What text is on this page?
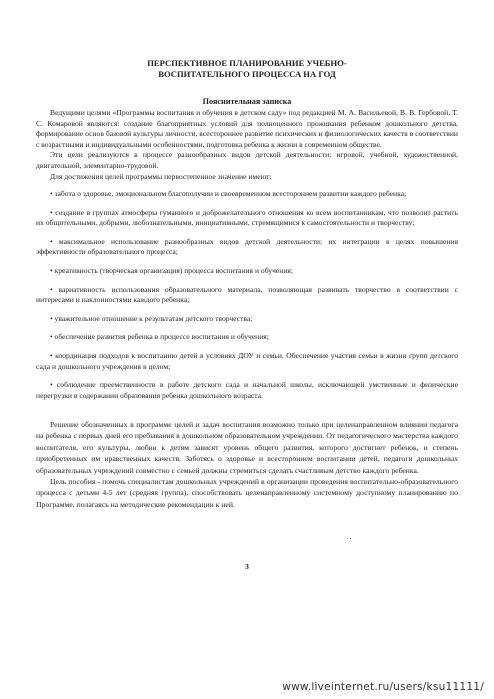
ПЕРСПЕКТИВНОЕ ПЛАНИРОВАНИЕ УЧЕБНО-
ВОСПИТАТЕЛЬНОГО ПРОЦЕССА НА ГОД
Пояснительная записка

Ведущими целями «Программы воспитания и обучения в детском саду» под редакцией М. А. Васильевой, В. В. Гербовой, Т. С. Комаровой являются: создание благоприятных условий для полноценного проживания ребенком дошкольного детства, формирование основ базовой культуры личности, всестороннее развитие психических и физиологических качеств в соответствии с возрастными и индивидуальными особенностями, подготовка ребенка к жизни в современном обществе.

Эти цели реализуются в процессе разнообразных видов детской деятельности: игровой, учебной, художественной, двигательной, элементарно-трудовой.

Для достижения целей программы первостепенное значение имеют:

• забота о здоровье, эмоциональном благополучии и своевременном всестороннем развитии каждого ребенка;

• создание в группах атмосферы гуманного и доброжелательного отношения ко всем воспитанникам, что позволит растить их общительными, добрыми, любознательными, инициативными, стремящимися к самостоятельности и творчеству;

• максимальное использование разнообразных видов детской деятельности; их интеграции в целях повышения эффективности образовательного процесса;

• креативность (творческая организация) процесса воспитания и обучения;

• вариативность использования образовательного материала, позволяющая развивать творчество в соответствии с интересами и наклонностями каждого ребенка;

• уважительное отношение к результатам детского творчества;

• обеспечение развития ребенка в процессе воспитания и обучения;

• координация подходов к воспитанию детей в условиях ДОУ и семьи. Обеспечение участия семьи в жизни групп детского сада и дошкольного учреждения в целом;

• соблюдение преемственности в работе детского сада и начальной школы, исключающей умственные и физические перегрузки в содержании образования ребенка дошкольного возраста.

Решение обозначенных в программе целей и задач воспитания возможно только при целенаправленном влиянии педагога на ребенка с первых дней его пребывания в дошкольном образовательном учреждении. От педагогического мастерства каждого воспитателя, его культуры, любви к детям зависят уровень общего развития, которого достигнет ребенок, и степень приобретенных им нравственных качеств. Заботясь о здоровье и всестороннем воспитании детей, педагоги дошкольных образовательных учреждений совместно с семьей должны стремиться сделать счастливым детство каждого ребенка.

Цель пособия - помочь специалистам дошкольных учреждений в организации проведения воспитательно-образовательного процесса с детьми 4-5 лет (средняя группа), способствовать целенаправленному системному доступному планированию по Программе, полагаясь на методические рекомендации к ней.

3
www.liveinternet.ru/users/ksu11111/
